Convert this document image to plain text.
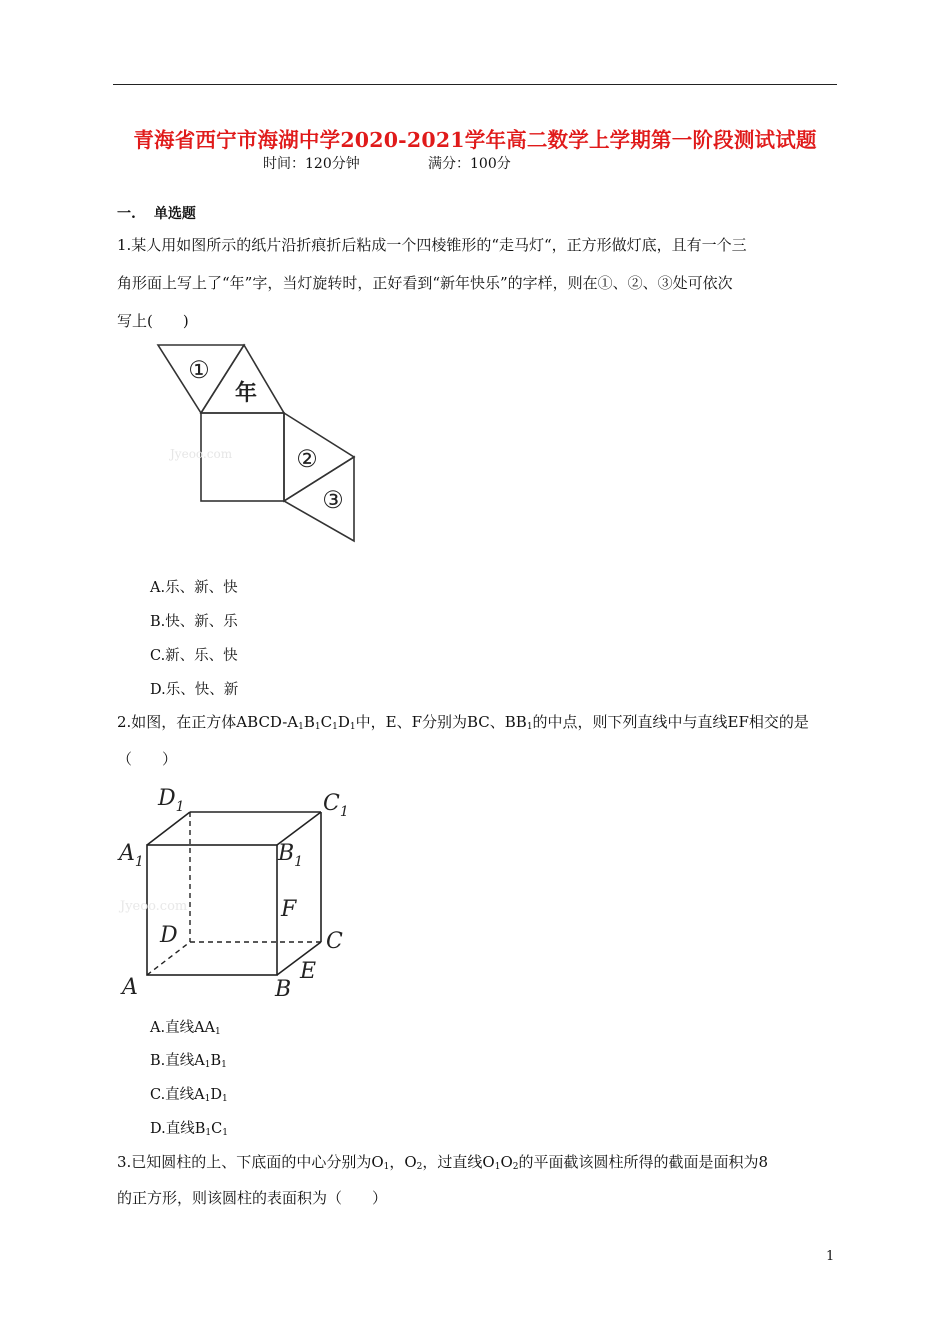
青海省西宁市海湖中学2020-2021学年高二数学上学期第一阶段测试试题
时间：120分钟	满分：100分
一. 单选题
1.某人用如图所示的纸片沿折痕折后粘成一个四棱锥形的“走马灯“，正方形做灯底，且有一个三
角形面上写上了“年”字，当灯旋转时，正好看到“新年快乐”的字样，则在①、②、③处可依次
写上(　　)
Jyeoo.com
①
年
②
③
A.乐、新、快
B.快、新、乐
C.新、乐、快
D.乐、快、新
2.如图，在正方体ABCD-$A_1B_1C_1D_1$中，E、F分别为BC、$BB_1$的中点，则下列直线中与直线EF相交的是
（　　）
Jyeoo.com
$D_1$	$C_1$
$A_1$	$B_1$
F
D	C
A	B
E
A.直线$AA_1$
B.直线$A_1B_1$
C.直线$A_1D_1$
D.直线$B_1C_1$
3.已知圆柱的上、下底面的中心分别为$O_1$，$O_2$，过直线$O_1O_2$的平面截该圆柱所得的截面是面积为8
的正方形，则该圆柱的表面积为（　　）
1
